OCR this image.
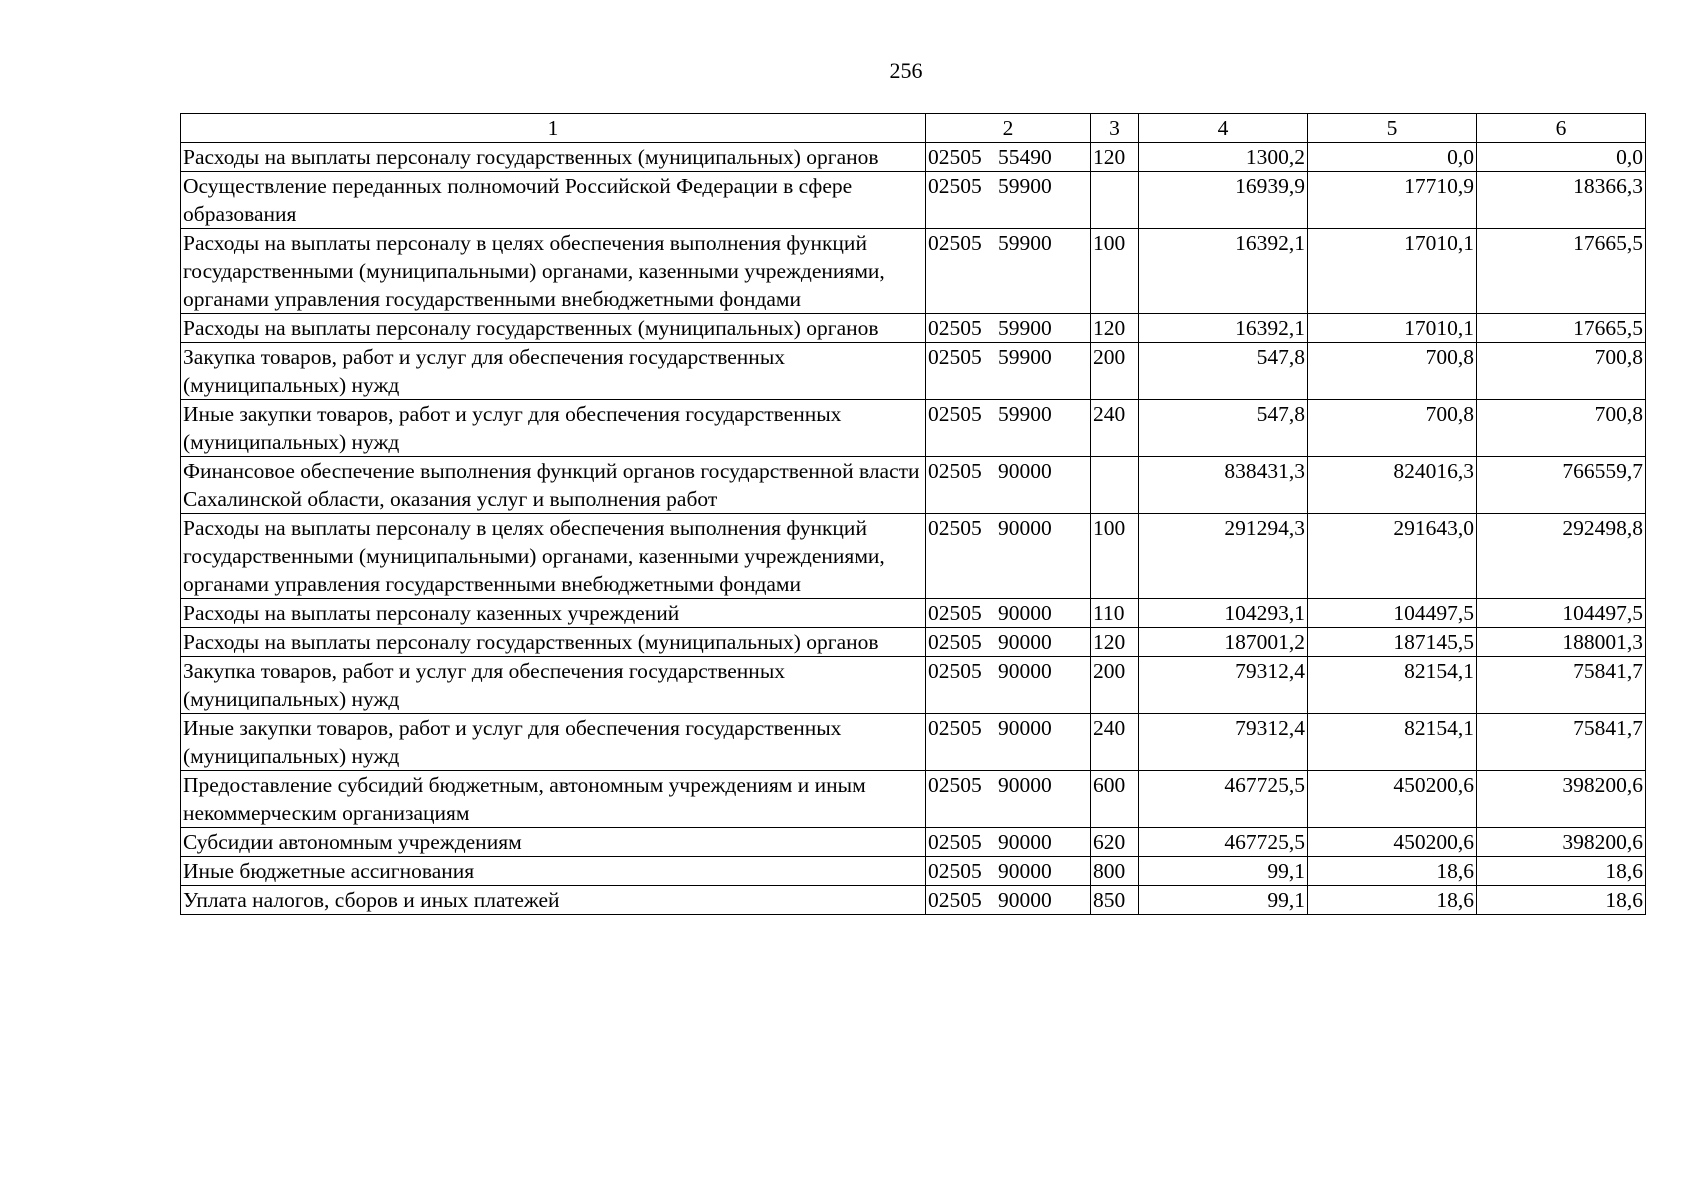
256
1	2	3	4	5	6
Расходы на выплаты персоналу государственных (муниципальных) органов	02505 55490	120	1300,2	0,0	0,0
Осуществление переданных полномочий Российской Федерации в сфере образования	02505 59900		16939,9	17710,9	18366,3
Расходы на выплаты персоналу в целях обеспечения выполнения функций государственными (муниципальными) органами, казенными учреждениями, органами управления государственными внебюджетными фондами	02505 59900	100	16392,1	17010,1	17665,5
Расходы на выплаты персоналу государственных (муниципальных) органов	02505 59900	120	16392,1	17010,1	17665,5
Закупка товаров, работ и услуг для обеспечения государственных (муниципальных) нужд	02505 59900	200	547,8	700,8	700,8
Иные закупки товаров, работ и услуг для обеспечения государственных (муниципальных) нужд	02505 59900	240	547,8	700,8	700,8
Финансовое обеспечение выполнения функций органов государственной власти Сахалинской области, оказания услуг и выполнения работ	02505 90000		838431,3	824016,3	766559,7
Расходы на выплаты персоналу в целях обеспечения выполнения функций государственными (муниципальными) органами, казенными учреждениями, органами управления государственными внебюджетными фондами	02505 90000	100	291294,3	291643,0	292498,8
Расходы на выплаты персоналу казенных учреждений	02505 90000	110	104293,1	104497,5	104497,5
Расходы на выплаты персоналу государственных (муниципальных) органов	02505 90000	120	187001,2	187145,5	188001,3
Закупка товаров, работ и услуг для обеспечения государственных (муниципальных) нужд	02505 90000	200	79312,4	82154,1	75841,7
Иные закупки товаров, работ и услуг для обеспечения государственных (муниципальных) нужд	02505 90000	240	79312,4	82154,1	75841,7
Предоставление субсидий бюджетным, автономным учреждениям и иным некоммерческим организациям	02505 90000	600	467725,5	450200,6	398200,6
Субсидии автономным учреждениям	02505 90000	620	467725,5	450200,6	398200,6
Иные бюджетные ассигнования	02505 90000	800	99,1	18,6	18,6
Уплата налогов, сборов и иных платежей	02505 90000	850	99,1	18,6	18,6
